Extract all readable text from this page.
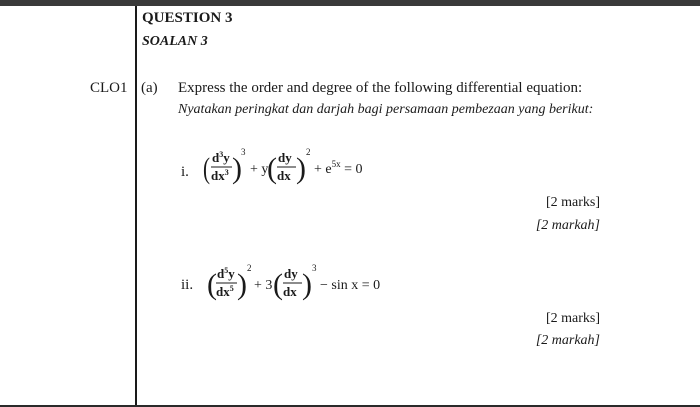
QUESTION 3
SOALAN 3
CLO1 (a) Express the order and degree of the following differential equation:
Nyatakan peringkat dan darjah bagi persamaan pembezaan yang berikut:
i. ( $d^3y$
$dx^3$ ) 3
+ y
( dy
dx ) 2
+ $e^{5x} = 0$
[2 marks]
[2 markah]
ii. ( $d^5y$
$dx^5$ ) 2
+ 3 ( dy
dx ) 3
− sin x = 0
[2 marks]
[2 markah]
